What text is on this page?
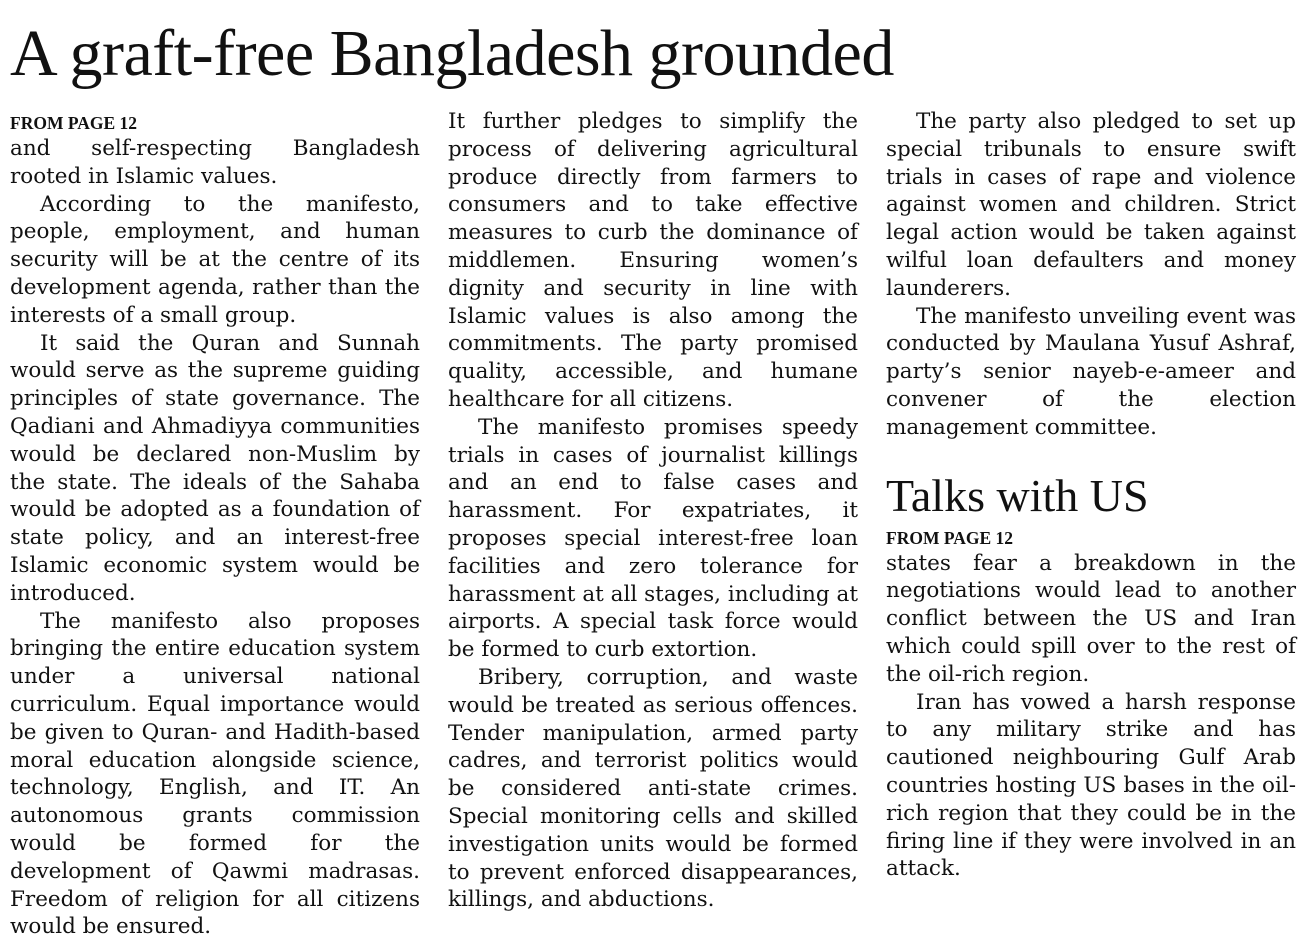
A graft-free Bangladesh grounded
FROM PAGE 12

and self-respecting Bangladesh rooted in Islamic values.

According to the manifesto, people, employment, and human security will be at the centre of its development agenda, rather than the interests of a small group.

It said the Quran and Sunnah would serve as the supreme guiding principles of state governance. The Qadiani and Ahmadiyya communities would be declared non-Muslim by the state. The ideals of the Sahaba would be adopted as a foundation of state policy, and an interest-free Islamic economic system would be introduced.

The manifesto also proposes bringing the entire education system under a universal national curriculum. Equal importance would be given to Quran- and Hadith-based moral education alongside science, technology, English, and IT. An autonomous grants commission would be formed for the development of Qawmi madrasas. Freedom of religion for all citizens would be ensured.

It further pledges to simplify the process of delivering agricultural produce directly from farmers to consumers and to take effective measures to curb the dominance of middlemen. Ensuring women’s dignity and security in line with Islamic values is also among the commitments. The party promised quality, accessible, and humane healthcare for all citizens.

The manifesto promises speedy trials in cases of journalist killings and an end to false cases and harassment. For expatriates, it proposes special interest-free loan facilities and zero tolerance for harassment at all stages, including at airports. A special task force would be formed to curb extortion.

Bribery, corruption, and waste would be treated as serious offences. Tender manipulation, armed party cadres, and terrorist politics would be considered anti-state crimes. Special monitoring cells and skilled investigation units would be formed to prevent enforced disappearances, killings, and abductions.

The party also pledged to set up special tribunals to ensure swift trials in cases of rape and violence against women and children. Strict legal action would be taken against wilful loan defaulters and money launderers.

The manifesto unveiling event was conducted by Maulana Yusuf Ashraf, party’s senior nayeb-e-ameer and convener of the election management committee.

Talks with US
FROM PAGE 12

states fear a breakdown in the negotiations would lead to another conflict between the US and Iran which could spill over to the rest of the oil-rich region.

Iran has vowed a harsh response to any military strike and has cautioned neighbouring Gulf Arab countries hosting US bases in the oil-rich region that they could be in the firing line if they were involved in an attack.
